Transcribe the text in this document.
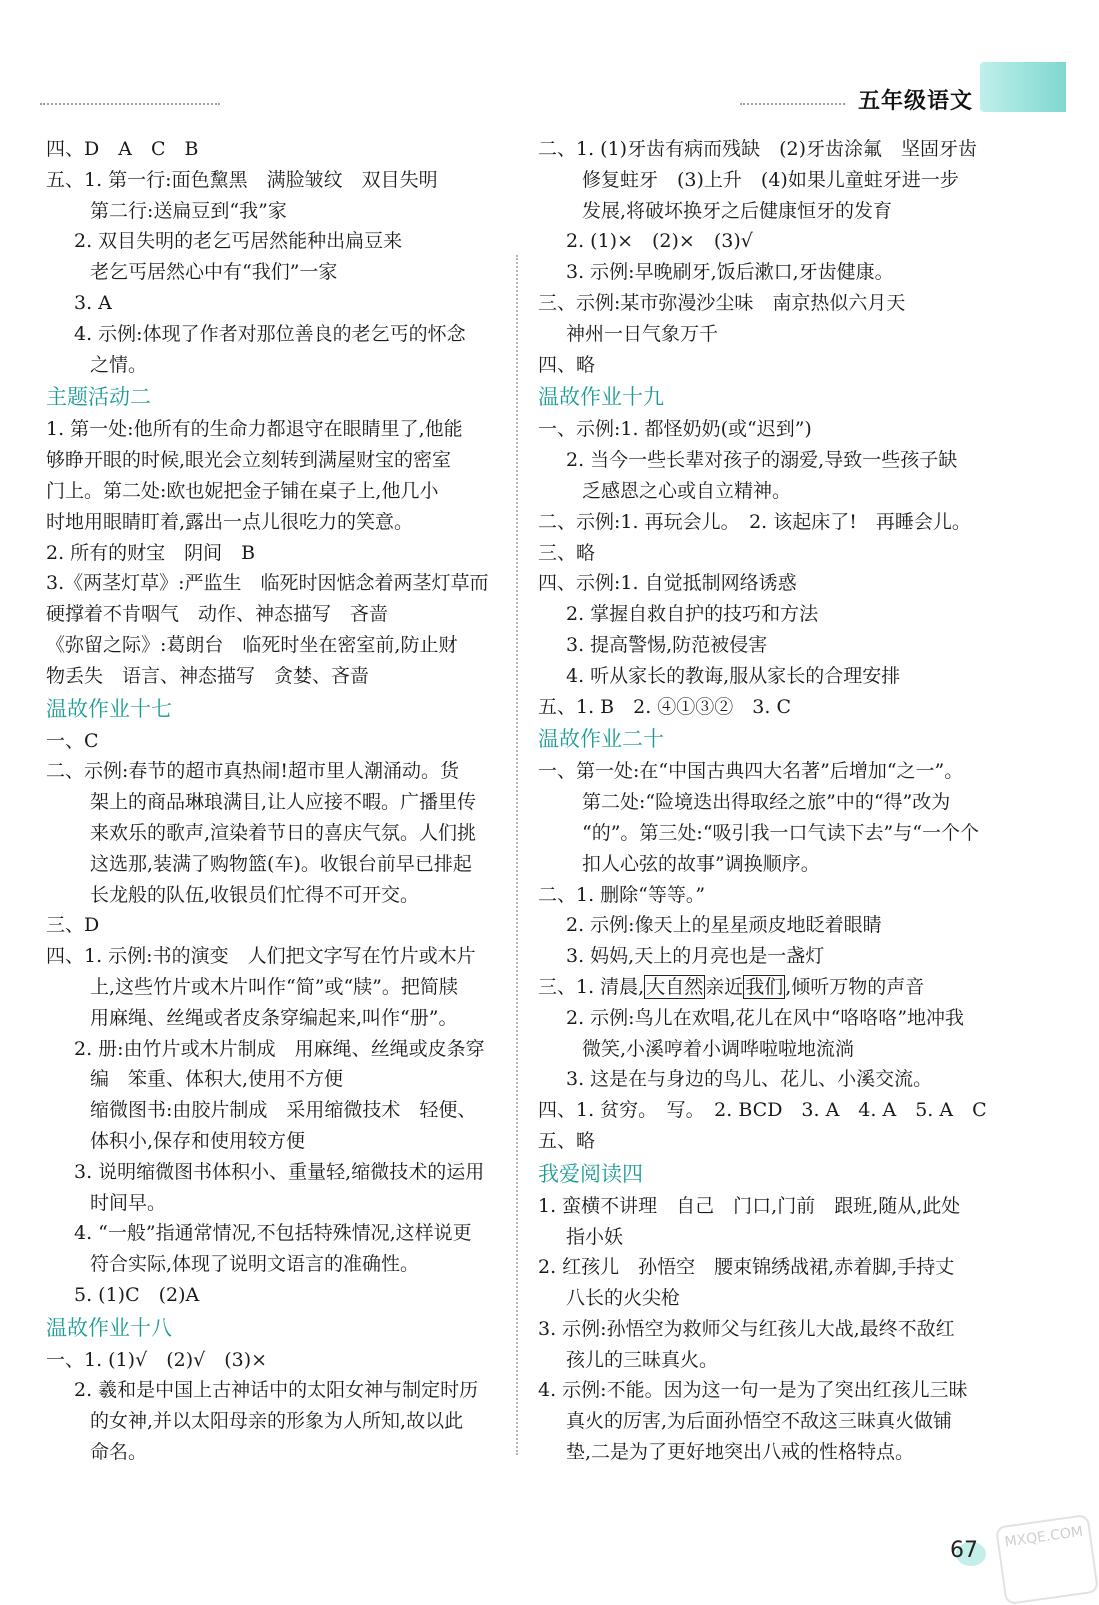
五年级语文
四、D　A　C　B
五、1. 第一行:面色黧黑　满脸皱纹　双目失明
第二行:送扁豆到“我”家
2. 双目失明的老乞丐居然能种出扁豆来
老乞丐居然心中有“我们”一家
3. A
4. 示例:体现了作者对那位善良的老乞丐的怀念
之情。
主题活动二
1. 第一处:他所有的生命力都退守在眼睛里了,他能
够睁开眼的时候,眼光会立刻转到满屋财宝的密室
门上。第二处:欧也妮把金子铺在桌子上,他几小
时地用眼睛盯着,露出一点儿很吃力的笑意。
2. 所有的财宝　阴间　B
3.《两茎灯草》:严监生　临死时因惦念着两茎灯草而
硬撑着不肯咽气　动作、神态描写　吝啬
《弥留之际》:葛朗台　临死时坐在密室前,防止财
物丢失　语言、神态描写　贪婪、吝啬
温故作业十七
一、C
二、示例:春节的超市真热闹!超市里人潮涌动。货
架上的商品琳琅满目,让人应接不暇。广播里传
来欢乐的歌声,渲染着节日的喜庆气氛。人们挑
这选那,装满了购物篮(车)。收银台前早已排起
长龙般的队伍,收银员们忙得不可开交。
三、D
四、1. 示例:书的演变　人们把文字写在竹片或木片
上,这些竹片或木片叫作“简”或“牍”。把简牍
用麻绳、丝绳或者皮条穿编起来,叫作“册”。
2. 册:由竹片或木片制成　用麻绳、丝绳或皮条穿
编　笨重、体积大,使用不方便
缩微图书:由胶片制成　采用缩微技术　轻便、
体积小,保存和使用较方便
3. 说明缩微图书体积小、重量轻,缩微技术的运用
时间早。
4. “一般”指通常情况,不包括特殊情况,这样说更
符合实际,体现了说明文语言的准确性。
5. (1)C　(2)A
温故作业十八
一、1. (1)√　(2)√　(3)×
2. 羲和是中国上古神话中的太阳女神与制定时历
的女神,并以太阳母亲的形象为人所知,故以此
命名。
二、1. (1)牙齿有病而残缺　(2)牙齿涂氟　坚固牙齿
修复蛀牙　(3)上升　(4)如果儿童蛀牙进一步
发展,将破坏换牙之后健康恒牙的发育
2. (1)×　(2)×　(3)√
3. 示例:早晚刷牙,饭后漱口,牙齿健康。
三、示例:某市弥漫沙尘味　南京热似六月天
神州一日气象万千
四、略
温故作业十九
一、示例:1. 都怪奶奶(或“迟到”)
2. 当今一些长辈对孩子的溺爱,导致一些孩子缺
乏感恩之心或自立精神。
二、示例:1. 再玩会儿。　2. 该起床了!　再睡会儿。
三、略
四、示例:1. 自觉抵制网络诱惑
2. 掌握自救自护的技巧和方法
3. 提高警惕,防范被侵害
4. 听从家长的教诲,服从家长的合理安排
五、1. B　2. ④①③②　3. C
温故作业二十
一、第一处:在“中国古典四大名著”后增加“之一”。
第二处:“险境迭出得取经之旅”中的“得”改为
“的”。第三处:“吸引我一口气读下去”与“一个个
扣人心弦的故事”调换顺序。
二、1. 删除“等等。”
2. 示例:像天上的星星顽皮地眨着眼睛
3. 妈妈,天上的月亮也是一盏灯
三、1. 清晨, 大自然 亲近 我们 ,倾听万物的声音
2. 示例:鸟儿在欢唱,花儿在风中“咯咯咯”地冲我
微笑,小溪哼着小调哗啦啦地流淌
3. 这是在与身边的鸟儿、花儿、小溪交流。
四、1. 贫穷。　写。　2. BCD　3. A　4. A　5. A　C
五、略
我爱阅读四
1. 蛮横不讲理　自己　门口,门前　跟班,随从,此处
指小妖
2. 红孩儿　孙悟空　腰束锦绣战裙,赤着脚,手持丈
八长的火尖枪
3. 示例:孙悟空为救师父与红孩儿大战,最终不敌红
孩儿的三昧真火。
4. 示例:不能。因为这一句一是为了突出红孩儿三昧
真火的厉害,为后面孙悟空不敌这三昧真火做铺
垫,二是为了更好地突出八戒的性格特点。
67	MXQE.COM
